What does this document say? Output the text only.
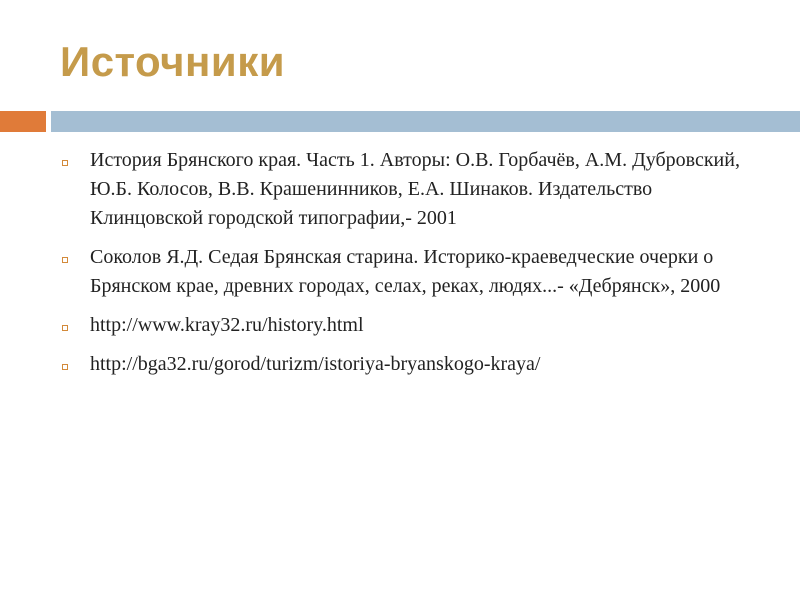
Источники
История Брянского края. Часть 1. Авторы: О.В. Горбачёв, А.М. Дубровский, Ю.Б. Колосов, В.В. Крашенинников, Е.А. Шинаков. Издательство Клинцовской городской типографии,- 2001
Соколов Я.Д. Седая Брянская старина. Историко-краеведческие очерки о Брянском крае, древних городах, селах, реках, людях...- «Дебрянск», 2000
http://www.kray32.ru/history.html
http://bga32.ru/gorod/turizm/istoriya-bryanskogo-kraya/
